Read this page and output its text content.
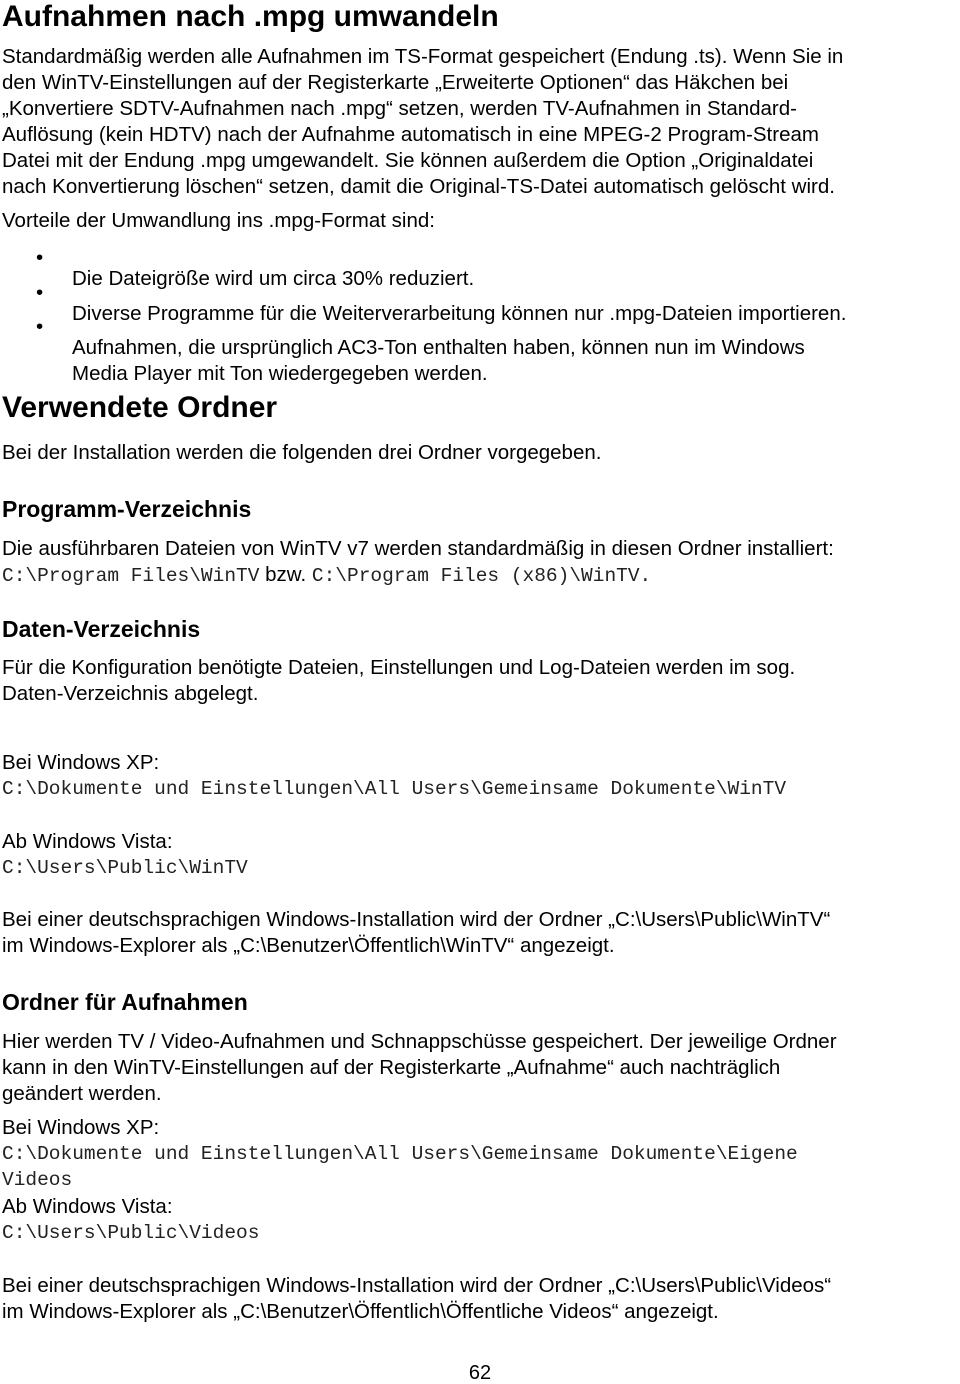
Aufnahmen nach .mpg umwandeln

Standardmäßig werden alle Aufnahmen im TS-Format gespeichert (Endung .ts). Wenn Sie in

den WinTV-Einstellungen auf der Registerkarte „Erweiterte Optionen“ das Häkchen bei

„Konvertiere SDTV-Aufnahmen nach .mpg“ setzen, werden TV-Aufnahmen in Standard-

Auflösung (kein HDTV) nach der Aufnahme automatisch in eine MPEG-2 Program-Stream

Datei mit der Endung .mpg umgewandelt. Sie können außerdem die Option „Originaldatei

nach Konvertierung löschen“ setzen, damit die Original-TS-Datei automatisch gelöscht wird.

Vorteile der Umwandlung ins .mpg-Format sind:

•

Die Dateigröße wird um circa 30% reduziert.

•

Diverse Programme für die Weiterverarbeitung können nur .mpg-Dateien importieren.

•

Aufnahmen, die ursprünglich AC3-Ton enthalten haben, können nun im Windows

Media Player mit Ton wiedergegeben werden.

Verwendete Ordner

Bei der Installation werden die folgenden drei Ordner vorgegeben.

Programm-Verzeichnis

Die ausführbaren Dateien von WinTV v7 werden standardmäßig in diesen Ordner installiert:

C:\Program Files\WinTV bzw. C:\Program Files (x86)\WinTV.

Daten-Verzeichnis

Für die Konfiguration benötigte Dateien, Einstellungen und Log-Dateien werden im sog.

Daten-Verzeichnis abgelegt.

Bei Windows XP:

C:\Dokumente und Einstellungen\All Users\Gemeinsame Dokumente\WinTV

Ab Windows Vista:

C:\Users\Public\WinTV

Bei einer deutschsprachigen Windows-Installation wird der Ordner „C:\Users\Public\WinTV“

im Windows-Explorer als „C:\Benutzer\Öffentlich\WinTV“ angezeigt.

Ordner für Aufnahmen

Hier werden TV / Video-Aufnahmen und Schnappschüsse gespeichert. Der jeweilige Ordner

kann in den WinTV-Einstellungen auf der Registerkarte „Aufnahme“ auch nachträglich

geändert werden.

Bei Windows XP:

C:\Dokumente und Einstellungen\All Users\Gemeinsame Dokumente\Eigene

Videos

Ab Windows Vista:

C:\Users\Public\Videos

Bei einer deutschsprachigen Windows-Installation wird der Ordner „C:\Users\Public\Videos“

im Windows-Explorer als „C:\Benutzer\Öffentlich\Öffentliche Videos“ angezeigt.

62
